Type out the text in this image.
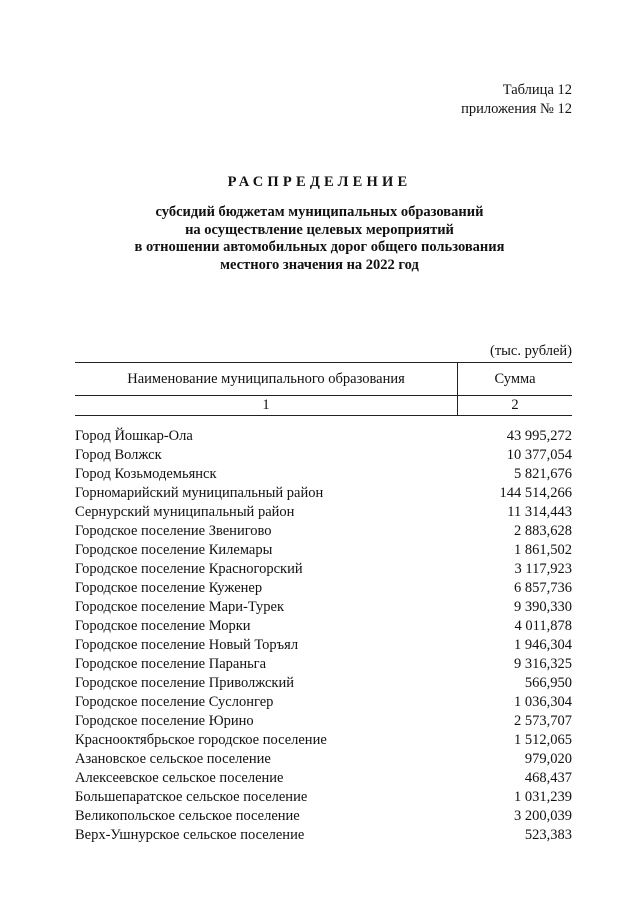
Таблица 12
приложения № 12
РАСПРЕДЕЛЕНИЕ
субсидий бюджетам муниципальных образований
на осуществление целевых мероприятий
в отношении автомобильных дорог общего пользования
местного значения на 2022 год
(тыс. рублей)
Наименование муниципального образования	Сумма
1	2
Город Йошкар-Ола	43 995,272
Город Волжск	10 377,054
Город Козьмодемьянск	5 821,676
Горномарийский муниципальный район	144 514,266
Сернурский муниципальный район	11 314,443
Городское поселение Звенигово	2 883,628
Городское поселение Килемары	1 861,502
Городское поселение Красногорский	3 117,923
Городское поселение Куженер	6 857,736
Городское поселение Мари-Турек	9 390,330
Городское поселение Морки	4 011,878
Городское поселение Новый Торъял	1 946,304
Городское поселение Параньга	9 316,325
Городское поселение Приволжский	566,950
Городское поселение Суслонгер	1 036,304
Городское поселение Юрино	2 573,707
Краснооктябрьское городское поселение	1 512,065
Азановское сельское поселение	979,020
Алексеевское сельское поселение	468,437
Большепаратское сельское поселение	1 031,239
Великопольское сельское поселение	3 200,039
Верх-Ушнурское сельское поселение	523,383
